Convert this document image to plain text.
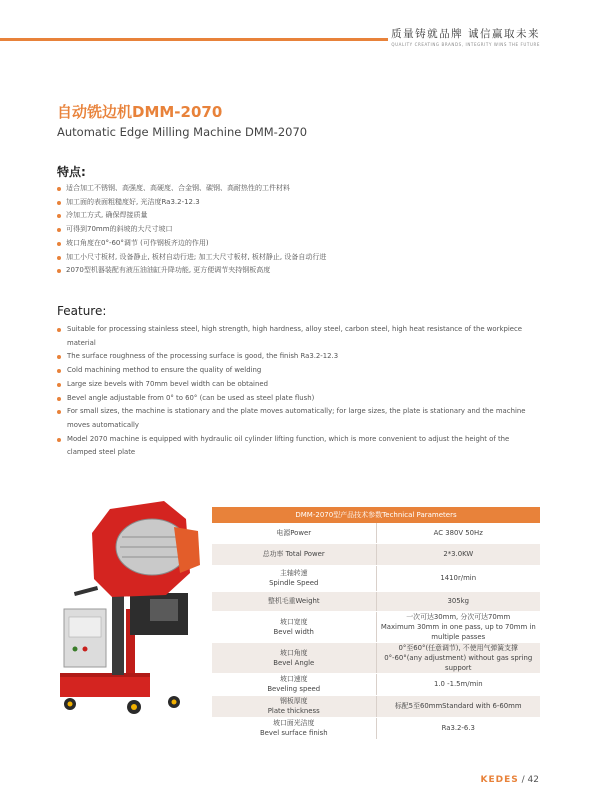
质量铸就品牌 诚信赢取未来
QUALITY CREATING BRANDS, INTEGRITY WINS THE FUTURE
自动铣边机DMM-2070
Automatic Edge Milling Machine DMM-2070
特点:
适合加工不锈钢、高强度、高硬度、合金钢、碳钢、高耐热性的工件材料
加工面的表面粗糙度好, 光洁度Ra3.2-12.3
冷加工方式, 确保焊接质量
可得到70mm的斜坡的大尺寸坡口
坡口角度在0°-60°调节 (可作钢板齐边的作用)
加工小尺寸板材, 设备静止, 板材自动行进; 加工大尺寸板材, 板材静止, 设备自动行进
2070型机器装配有液压油油缸升降功能, 更方便调节夹持钢板高度
Feature:
Suitable for processing stainless steel, high strength, high hardness, alloy steel, carbon steel, high heat resistance of the workpiece material
The surface roughness of the processing surface is good, the finish Ra3.2-12.3
Cold machining method to ensure the quality of welding
Large size bevels with 70mm bevel width can be obtained
Bevel angle adjustable from 0° to 60° (can be used as steel plate flush)
For small sizes, the machine is stationary and the plate moves automatically; for large sizes, the plate is stationary and the machine moves automatically
Model 2070 machine is equipped with hydraulic oil cylinder lifting function, which is more convenient to adjust the height of the clamped steel plate
DMM-2070型产品技术参数Technical Parameters	
电源Power	AC 380V 50Hz
总功率 Total Power	2*3.0KW
主轴转速
Spindle Speed	1410r/min
整机毛重Weight	305kg
坡口宽度
Bevel width	一次可达30mm, 分次可达70mm
Maximum 30mm in one pass, up to 70mm in multiple passes
坡口角度
Bevel Angle	0°至60°(任意调节), 不使用气弹簧支撑
0°-60°(any adjustment) without gas spring support
坡口速度
Beveling speed	1.0 -1.5m/min
钢板厚度
Plate thickness	标配5至60mmStandard with 6-60mm
坡口面光洁度
Bevel surface finish	Ra3.2-6.3
KEDES / 42
